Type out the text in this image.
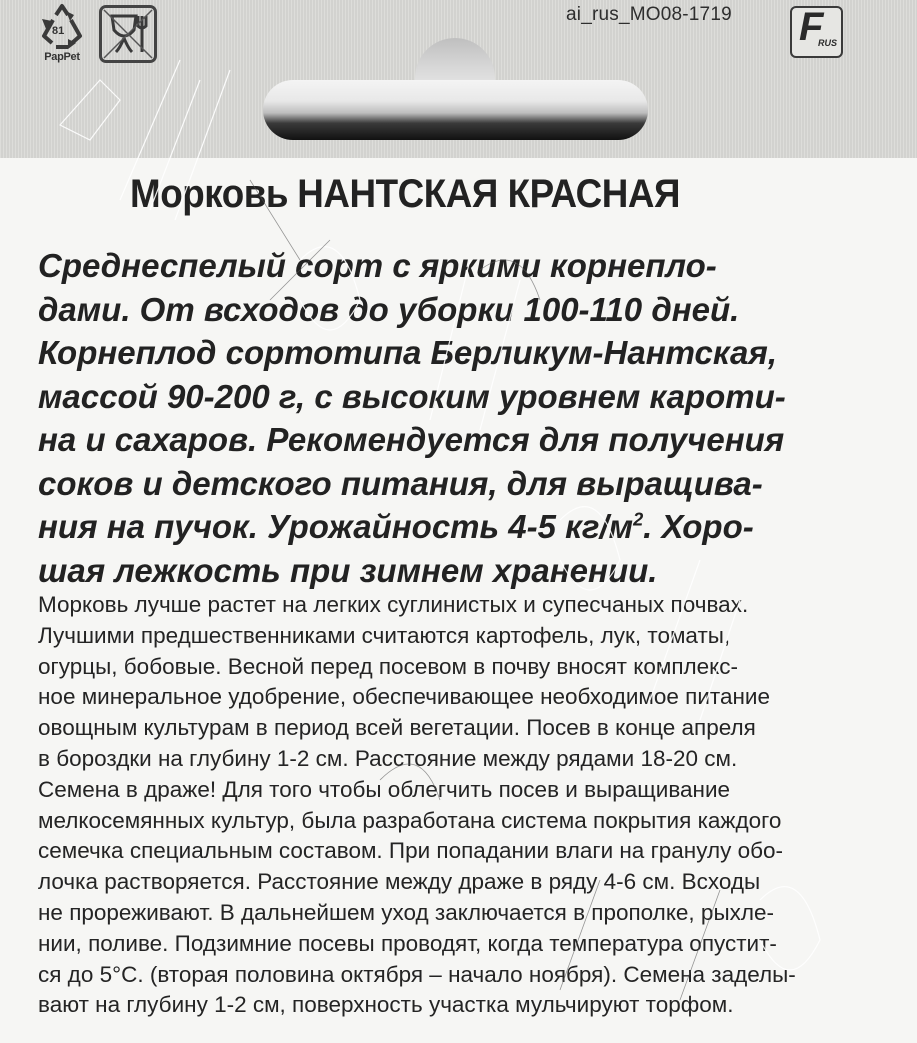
81
PapPet
ai_rus_MO08-1719 F
RUS
Морковь НАНТСКАЯ КРАСНАЯ
Среднеспелый сорт с яркими корнепло-
дами. От всходов до уборки 100-110 дней.
Корнеплод сортотипа Берликум-Нантская,
массой 90-200 г, с высоким уровнем кароти-
на и сахаров. Рекомендуется для получения
соков и детского питания, для выращива-
ния на пучок. Урожайность 4-5 $кг/м^2$. Хоро-
шая лежкость при зимнем хранении.
Морковь лучше растет на легких суглинистых и супесчаных почвах.
Лучшими предшественниками считаются картофель, лук, томаты,
огурцы, бобовые. Весной перед посевом в почву вносят комплекс-
ное минеральное удобрение, обеспечивающее необходимое питание
овощным культурам в период всей вегетации. Посев в конце апреля
в бороздки на глубину 1-2 см. Расстояние между рядами 18-20 см.
Семена в драже! Для того чтобы облегчить посев и выращивание
мелкосемянных культур, была разработана система покрытия каждого
семечка специальным составом. При попадании влаги на гранулу обо-
лочка растворяется. Расстояние между драже в ряду 4-6 см. Всходы
не прореживают. В дальнейшем уход заключается в прополке, рыхле-
нии, поливе. Подзимние посевы проводят, когда температура опустит-
ся до 5°С. (вторая половина октября – начало ноября). Семена заделы-
вают на глубину 1-2 см, поверхность участка мульчируют торфом.
